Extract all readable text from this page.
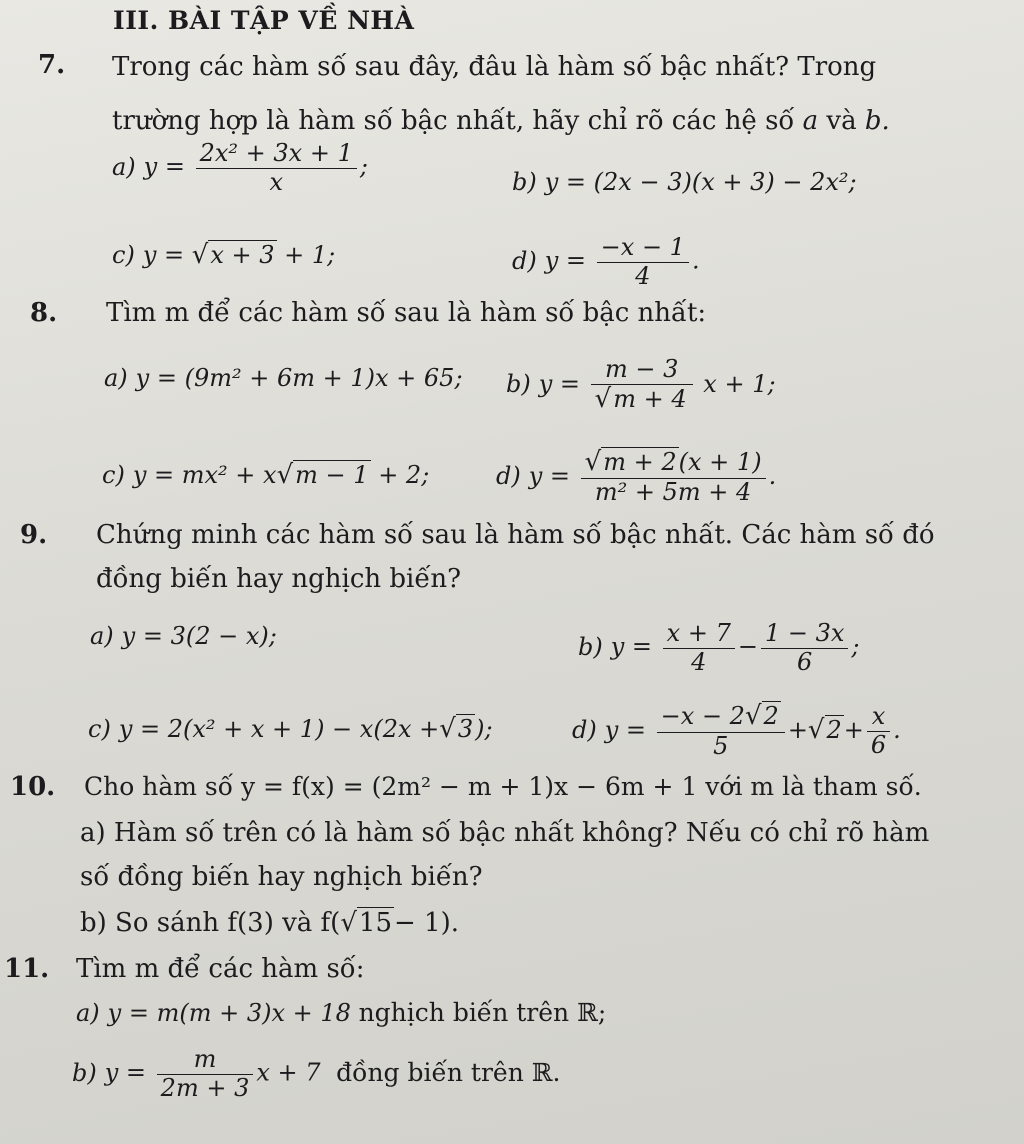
III. BÀI TẬP VỀ NHÀ
7. Trong các hàm số sau đây, đâu là hàm số bậc nhất? Trong
trường hợp là hàm số bậc nhất, hãy chỉ rõ các hệ số a và b.
a) $y = \frac{\text{2x² + 3x + 1}}{x}$ ;
b) y = (2x − 3)(x + 3) − 2x²;
c) y = √x + 3 + 1;	d) $y = \frac{-x - 1}{4}$ .
8. Tìm m để các hàm số sau là hàm số bậc nhất:
a) y = (9m² + 6m + 1)x + 65; b) $y = \frac{m - 3}{√m + 4}$ x + 1;
c) y = mx² + x√m − 1 + 2;	d) $y = \frac{√m + 2(x + 1)}{\text{m² + 5m + 4}}$ .
9. Chứng minh các hàm số sau là hàm số bậc nhất. Các hàm số đó
đồng biến hay nghịch biến?
a) y = 3(2 − x);	b) $y = \frac{x + 7}{4} - \frac{1 - 3x}{6}$ ;
c) y = 2(x² + x + 1) − x(2x +√3);	d) $y = \frac{-x - 2√2}{5} +√2+ \frac{x}{6}$ .
10. Cho hàm số y = f(x) = (2m² − m + 1)x − 6m + 1 với m là tham số.
a) Hàm số trên có là hàm số bậc nhất không? Nếu có chỉ rõ hàm
số đồng biến hay nghịch biến?
b) So sánh f(3) và f(√15− 1).
11. Tìm m để các hàm số:
a) y = m(m + 3)x + 18 nghịch biến trên ℝ;
b) $y = \frac{m}{2m + 3}$ x + 7 đồng biến trên ℝ.
